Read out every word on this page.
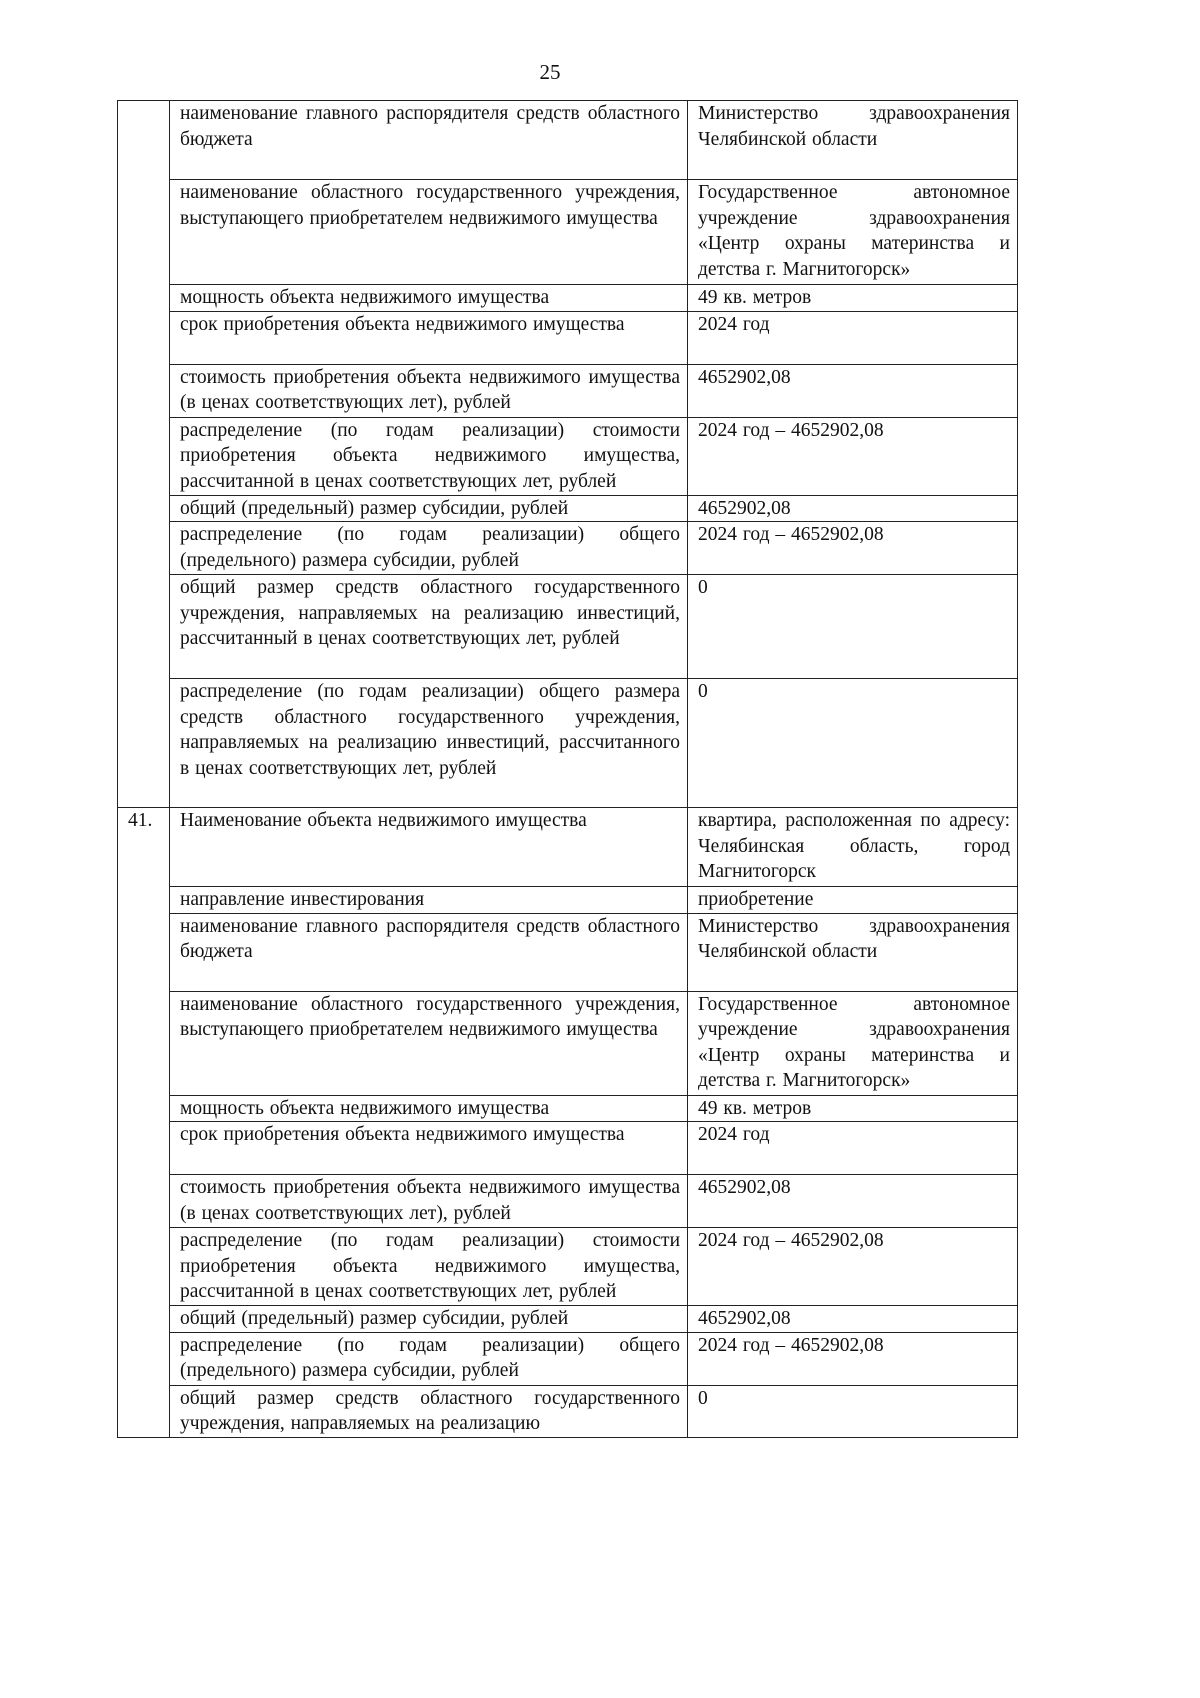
25
	наименование главного распорядителя средств областного бюджета	Министерство здравоохранения Челябинской области
	наименование областного государственного учреждения, выступающего приобретателем недвижимого имущества	Государственное автономное учреждение здравоохранения «Центр охраны материнства и детства г. Магнитогорск»
	мощность объекта недвижимого имущества	49 кв. метров
	срок приобретения объекта недвижимого имущества	2024 год
	стоимость приобретения объекта недвижимого имущества (в ценах соответствующих лет), рублей	4652902,08
	распределение (по годам реализации) стоимости приобретения объекта недвижимого имущества, рассчитанной в ценах соответствующих лет, рублей	2024 год – 4652902,08
	общий (предельный) размер субсидии, рублей	4652902,08
	распределение (по годам реализации) общего (предельного) размера субсидии, рублей	2024 год – 4652902,08
	общий размер средств областного государственного учреждения, направляемых на реализацию инвестиций, рассчитанный в ценах соответствующих лет, рублей	0
	распределение (по годам реализации) общего размера средств областного государственного учреждения, направляемых на реализацию инвестиций, рассчитанного в ценах соответствующих лет, рублей	0
41.	Наименование объекта недвижимого имущества	квартира, расположенная по адресу: Челябинская область, город Магнитогорск
	направление инвестирования	приобретение
	наименование главного распорядителя средств областного бюджета	Министерство здравоохранения Челябинской области
	наименование областного государственного учреждения, выступающего приобретателем недвижимого имущества	Государственное автономное учреждение здравоохранения «Центр охраны материнства и детства г. Магнитогорск»
	мощность объекта недвижимого имущества	49 кв. метров
	срок приобретения объекта недвижимого имущества	2024 год
	стоимость приобретения объекта недвижимого имущества (в ценах соответствующих лет), рублей	4652902,08
	распределение (по годам реализации) стоимости приобретения объекта недвижимого имущества, рассчитанной в ценах соответствующих лет, рублей	2024 год – 4652902,08
	общий (предельный) размер субсидии, рублей	4652902,08
	распределение (по годам реализации) общего (предельного) размера субсидии, рублей	2024 год – 4652902,08
	общий размер средств областного государственного учреждения, направляемых на реализацию	0
